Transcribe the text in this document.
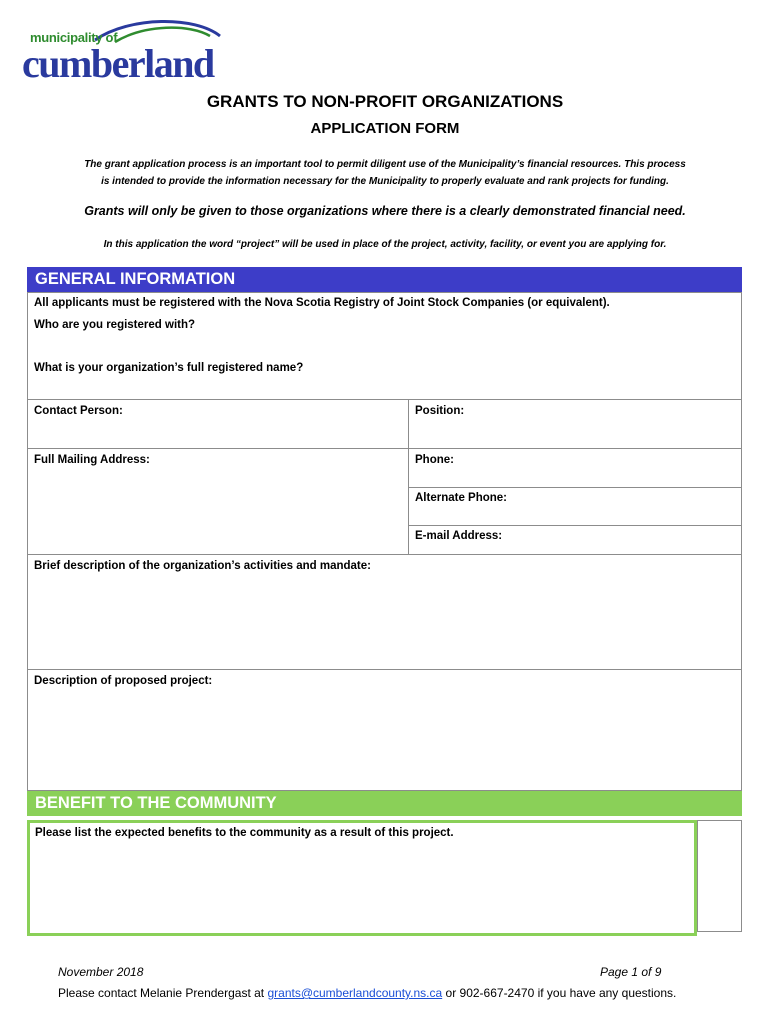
municipality of
cumberland
GRANTS TO NON-PROFIT ORGANIZATIONS
APPLICATION FORM
The grant application process is an important tool to permit diligent use of the Municipality’s financial resources. This process
is intended to provide the information necessary for the Municipality to properly evaluate and rank projects for funding.
Grants will only be given to those organizations where there is a clearly demonstrated financial need.
In this application the word “project” will be used in place of the project, activity, facility, or event you are applying for.
GENERAL INFORMATION
All applicants must be registered with the Nova Scotia Registry of Joint Stock Companies (or equivalent).
Who are you registered with?
What is your organization’s full registered name?
Contact Person:	Position:
Full Mailing Address:	Phone:
Alternate Phone:
E-mail Address:
Brief description of the organization’s activities and mandate:
Description of proposed project:
BENEFIT TO THE COMMUNITY
Please list the expected benefits to the community as a result of this project.
November 2018	Page 1 of 9
Please contact Melanie Prendergast at grants@cumberlandcounty.ns.ca or 902-667-2470 if you have any questions.
